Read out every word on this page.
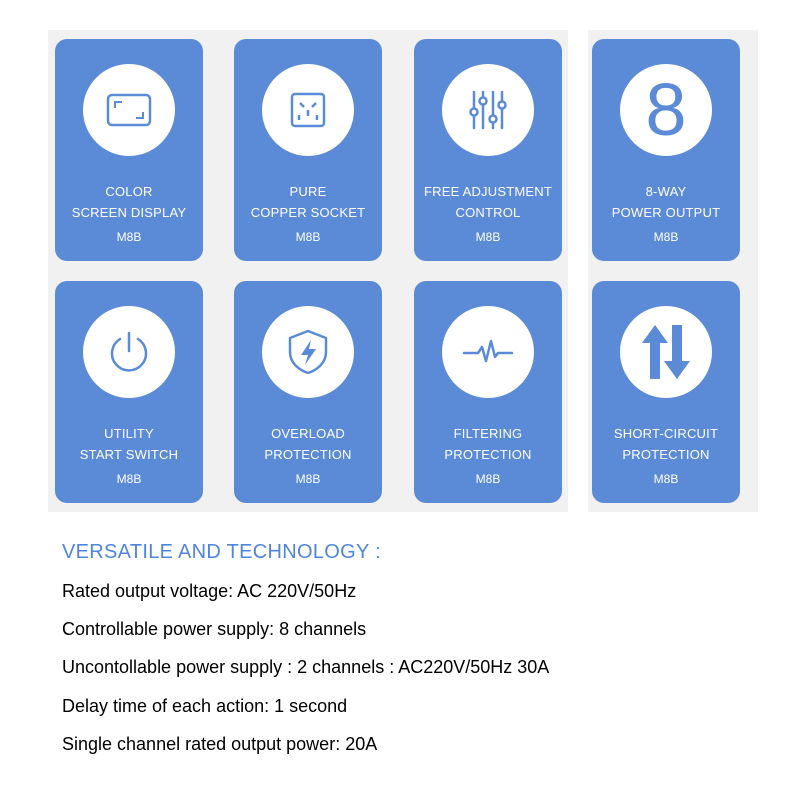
COLOR
SCREEN DISPLAY
M8B
PURE
COPPER SOCKET
M8B
FREE ADJUSTMENT
CONTROL
M8B
8
8-WAY
POWER OUTPUT
M8B
UTILITY
START SWITCH
M8B
OVERLOAD
PROTECTION
M8B
FILTERING
PROTECTION
M8B
SHORT-CIRCUIT
PROTECTION
M8B
VERSATILE AND TECHNOLOGY :
Rated output voltage: AC 220V/50Hz
Controllable power supply: 8 channels
Uncontollable power supply : 2 channels : AC220V/50Hz 30A
Delay time of each action: 1 second
Single channel rated output power: 20A
